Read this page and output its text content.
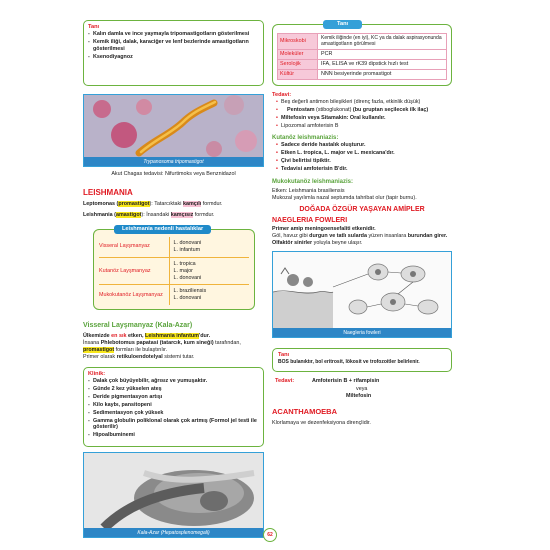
Tanı
- Kalın damla ve ince yaymayla tripomastigotların gösterilmesi
- Kemik iliği, dalak, karaciğer ve lenf bezlerinde amastigotların gösterilmesi
- Ksenodiyagnoz
Trypanosoma tripomastigot
Akut Chagas tedavisi: Nifurtimoks veya Benznidazol
LEISHMANIA
Leptomonas (promastigot): Tatarcıktaki kamçılı formdur.
Leishmania (amastigot): İnsandaki kamçısız formdur.
Leishmania nedenli hastalıklar
Visseral Layşmanyaz	L. donovani
L. infantum

Kutanöz Layşmanyaz	L. tropica
L. major
L. donovani

Mukokutanöz Layşmanyaz	L. braziliensis
L. donovani
Visseral Layşmanyaz (Kala-Azar)
Ülkemizde en sık etken, Leishmania infantum'dur.
İnsana Phlebotomus papatasi (tatarcık, kum sineği) tarafından, promastigot formları ile bulaştırılır.
Primer olarak retikuloendotelyal sistemi tutar.
Klinik:
- Dalak çok büyüyebilir, ağrısız ve yumuşaktır.
- Günde 2 kez yükselen ateş
- Deride pigmentasyon artışı
- Kilo kaybı, pansitopeni
- Sedimentasyon çok yüksek
- Gamma globulin poliklonal olarak çok artmış (Formol jel testi ile gösterilir)
- Hipoalbuminemi
Kala-Azar (Hepatosplenomegali)
Tanı
Mikroskobi	Kemik iliğinde (en iyi), KC ya da dalak aspirasyonunda amastigotların görülmesi
Moleküler	PCR
Serolojik	IFA, ELISA ve rK39 dipstick hızlı test
Kültür	NNN besiyerinde promastigot
Tedavi:
• Beş değerli antimon bileşikleri (direnç fazla, etkinlik düşük)
• Pentostam (stiboglukonat) (bu gruptan seçilecek ilk ilaç)
• Miltefosin veya Sitamakin: Oral kullanılır.
• Lipozomal amfoterisin B
Kutanöz leishmaniazis:
• Sadece deride hastalık oluşturur.
• Etken L. tropica, L. major ve L. mexicana'dır.
• Çivi belirtisi tipiktir.
• Tedavisi amfoterisin B'dir.
Mukokutanöz leishmaniazis:
Etken: Leishmania brasiliensis
Mukozal yayılımla nazal septumda tahribat olur (tapir burnu).
DOĞADA ÖZGÜR YAŞAYAN AMİPLER
NAEGLERIA FOWLERI
Primer amip meningoensefaliti etkenidir.
Göl, havuz gibi durgun ve tatlı sularda yüzen insanlara burundan girer.
Olfaktör sinirler yoluyla beyne ulaşır.
Naegleria fowleri
Tanı
BOS bulanıktır, bol eritrosit, lökosit ve trofozoitler belirlenir.
Tedavi:	Amfoterisin B + rifampisin
veya
Miltefosin
ACANTHAMOEBA
Klorlamaya ve dezenfeksiyona dirençlidir.
62
